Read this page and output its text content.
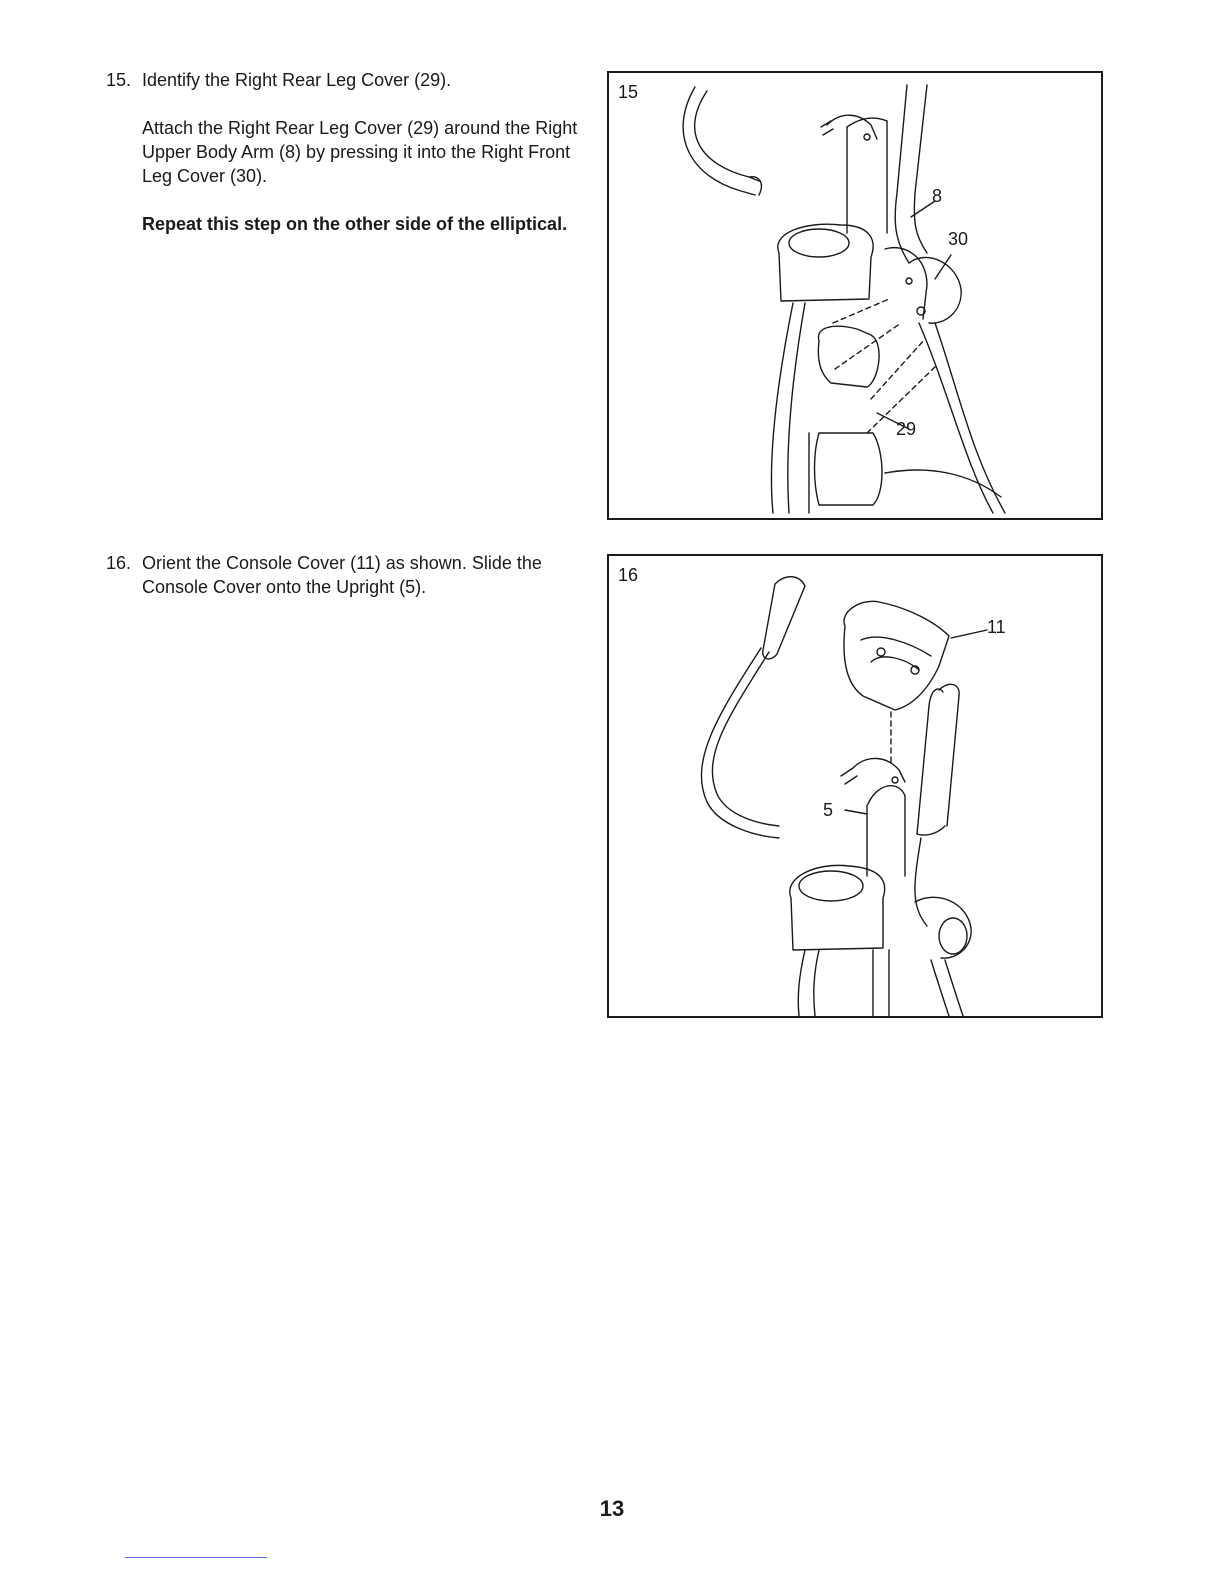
15. Identify the Right Rear Leg Cover (29).

Attach the Right Rear Leg Cover (29) around the Right Upper Body Arm (8) by pressing it into the Right Front Leg Cover (30).

Repeat this step on the other side of the elliptical.

16. Orient the Console Cover (11) as shown. Slide the Console Cover onto the Upright (5).

15
8
30
29
16
11
5
13
